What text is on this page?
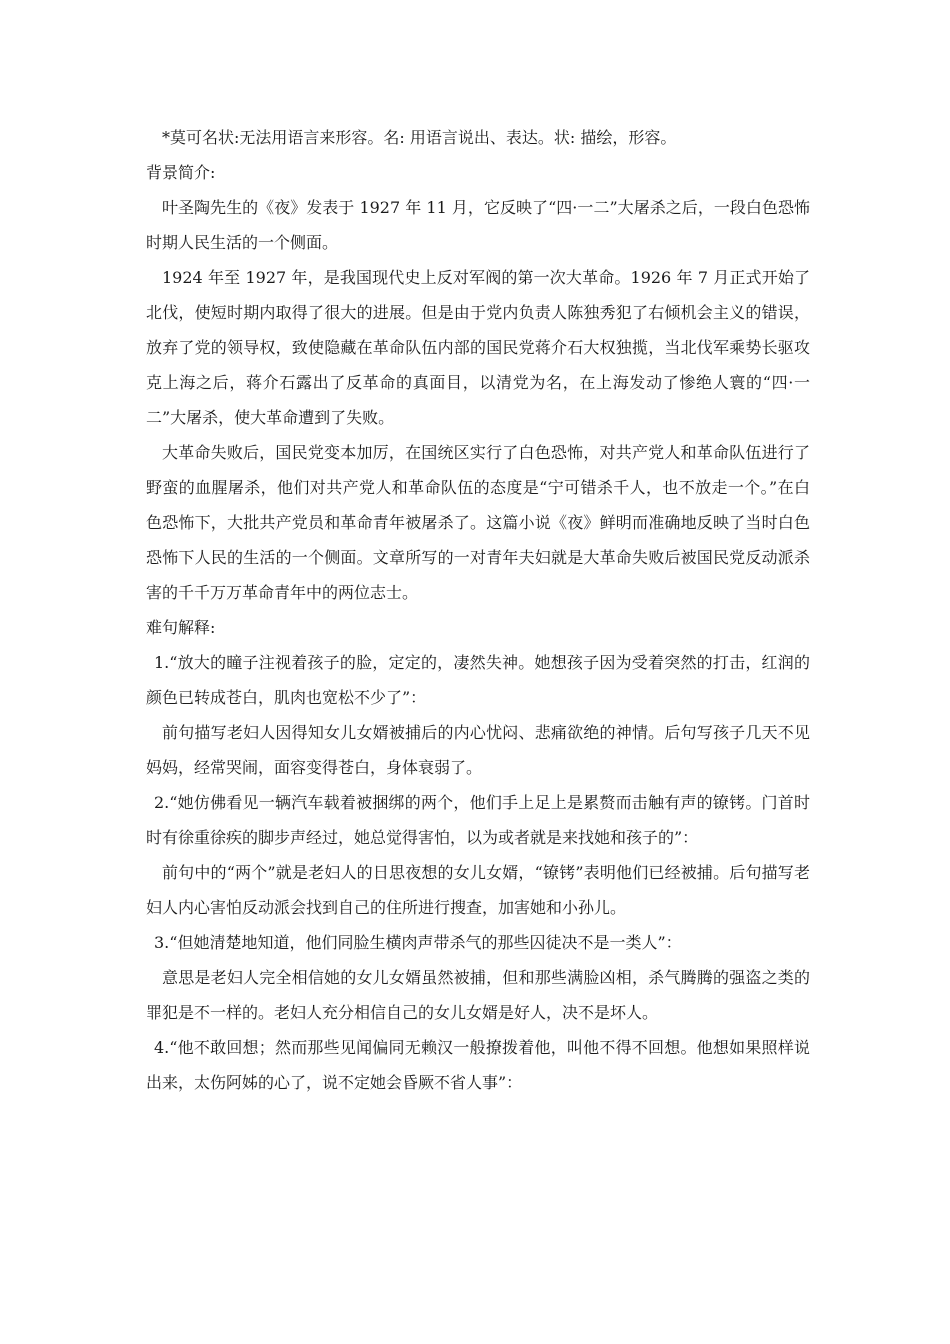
*莫可名状:无法用语言来形容。名: 用语言说出、表达。状: 描绘，形容。

背景简介:

叶圣陶先生的《夜》发表于 1927 年 11 月，它反映了“四·一二”大屠杀之后，一段白色恐怖时期人民生活的一个侧面。

1924 年至 1927 年，是我国现代史上反对军阀的第一次大革命。1926 年 7 月正式开始了北伐，使短时期内取得了很大的进展。但是由于党内负责人陈独秀犯了右倾机会主义的错误，放弃了党的领导权，致使隐藏在革命队伍内部的国民党蒋介石大权独揽，当北伐军乘势长驱攻克上海之后，蒋介石露出了反革命的真面目，以清党为名，在上海发动了惨绝人寰的“四·一二”大屠杀，使大革命遭到了失败。

大革命失败后，国民党变本加厉，在国统区实行了白色恐怖，对共产党人和革命队伍进行了野蛮的血腥屠杀，他们对共产党人和革命队伍的态度是“宁可错杀千人，也不放走一个。”在白色恐怖下，大批共产党员和革命青年被屠杀了。这篇小说《夜》鲜明而准确地反映了当时白色恐怖下人民的生活的一个侧面。文章所写的一对青年夫妇就是大革命失败后被国民党反动派杀害的千千万万革命青年中的两位志士。

难句解释:

1.“放大的瞳子注视着孩子的脸，定定的，凄然失神。她想孩子因为受着突然的打击，红润的颜色已转成苍白，肌肉也宽松不少了”：

前句描写老妇人因得知女儿女婿被捕后的内心忧闷、悲痛欲绝的神情。后句写孩子几天不见妈妈，经常哭闹，面容变得苍白，身体衰弱了。

2.“她仿佛看见一辆汽车载着被捆绑的两个，他们手上足上是累赘而击触有声的镣铐。门首时时有徐重徐疾的脚步声经过，她总觉得害怕，以为或者就是来找她和孩子的”：

前句中的“两个”就是老妇人的日思夜想的女儿女婿，“镣铐”表明他们已经被捕。后句描写老妇人内心害怕反动派会找到自己的住所进行搜查，加害她和小孙儿。

3.“但她清楚地知道，他们同脸生横肉声带杀气的那些囚徒决不是一类人”：

意思是老妇人完全相信她的女儿女婿虽然被捕，但和那些满脸凶相，杀气腾腾的强盗之类的罪犯是不一样的。老妇人充分相信自己的女儿女婿是好人，决不是坏人。

4.“他不敢回想；然而那些见闻偏同无赖汉一般撩拨着他，叫他不得不回想。他想如果照样说出来，太伤阿姊的心了，说不定她会昏厥不省人事”：
